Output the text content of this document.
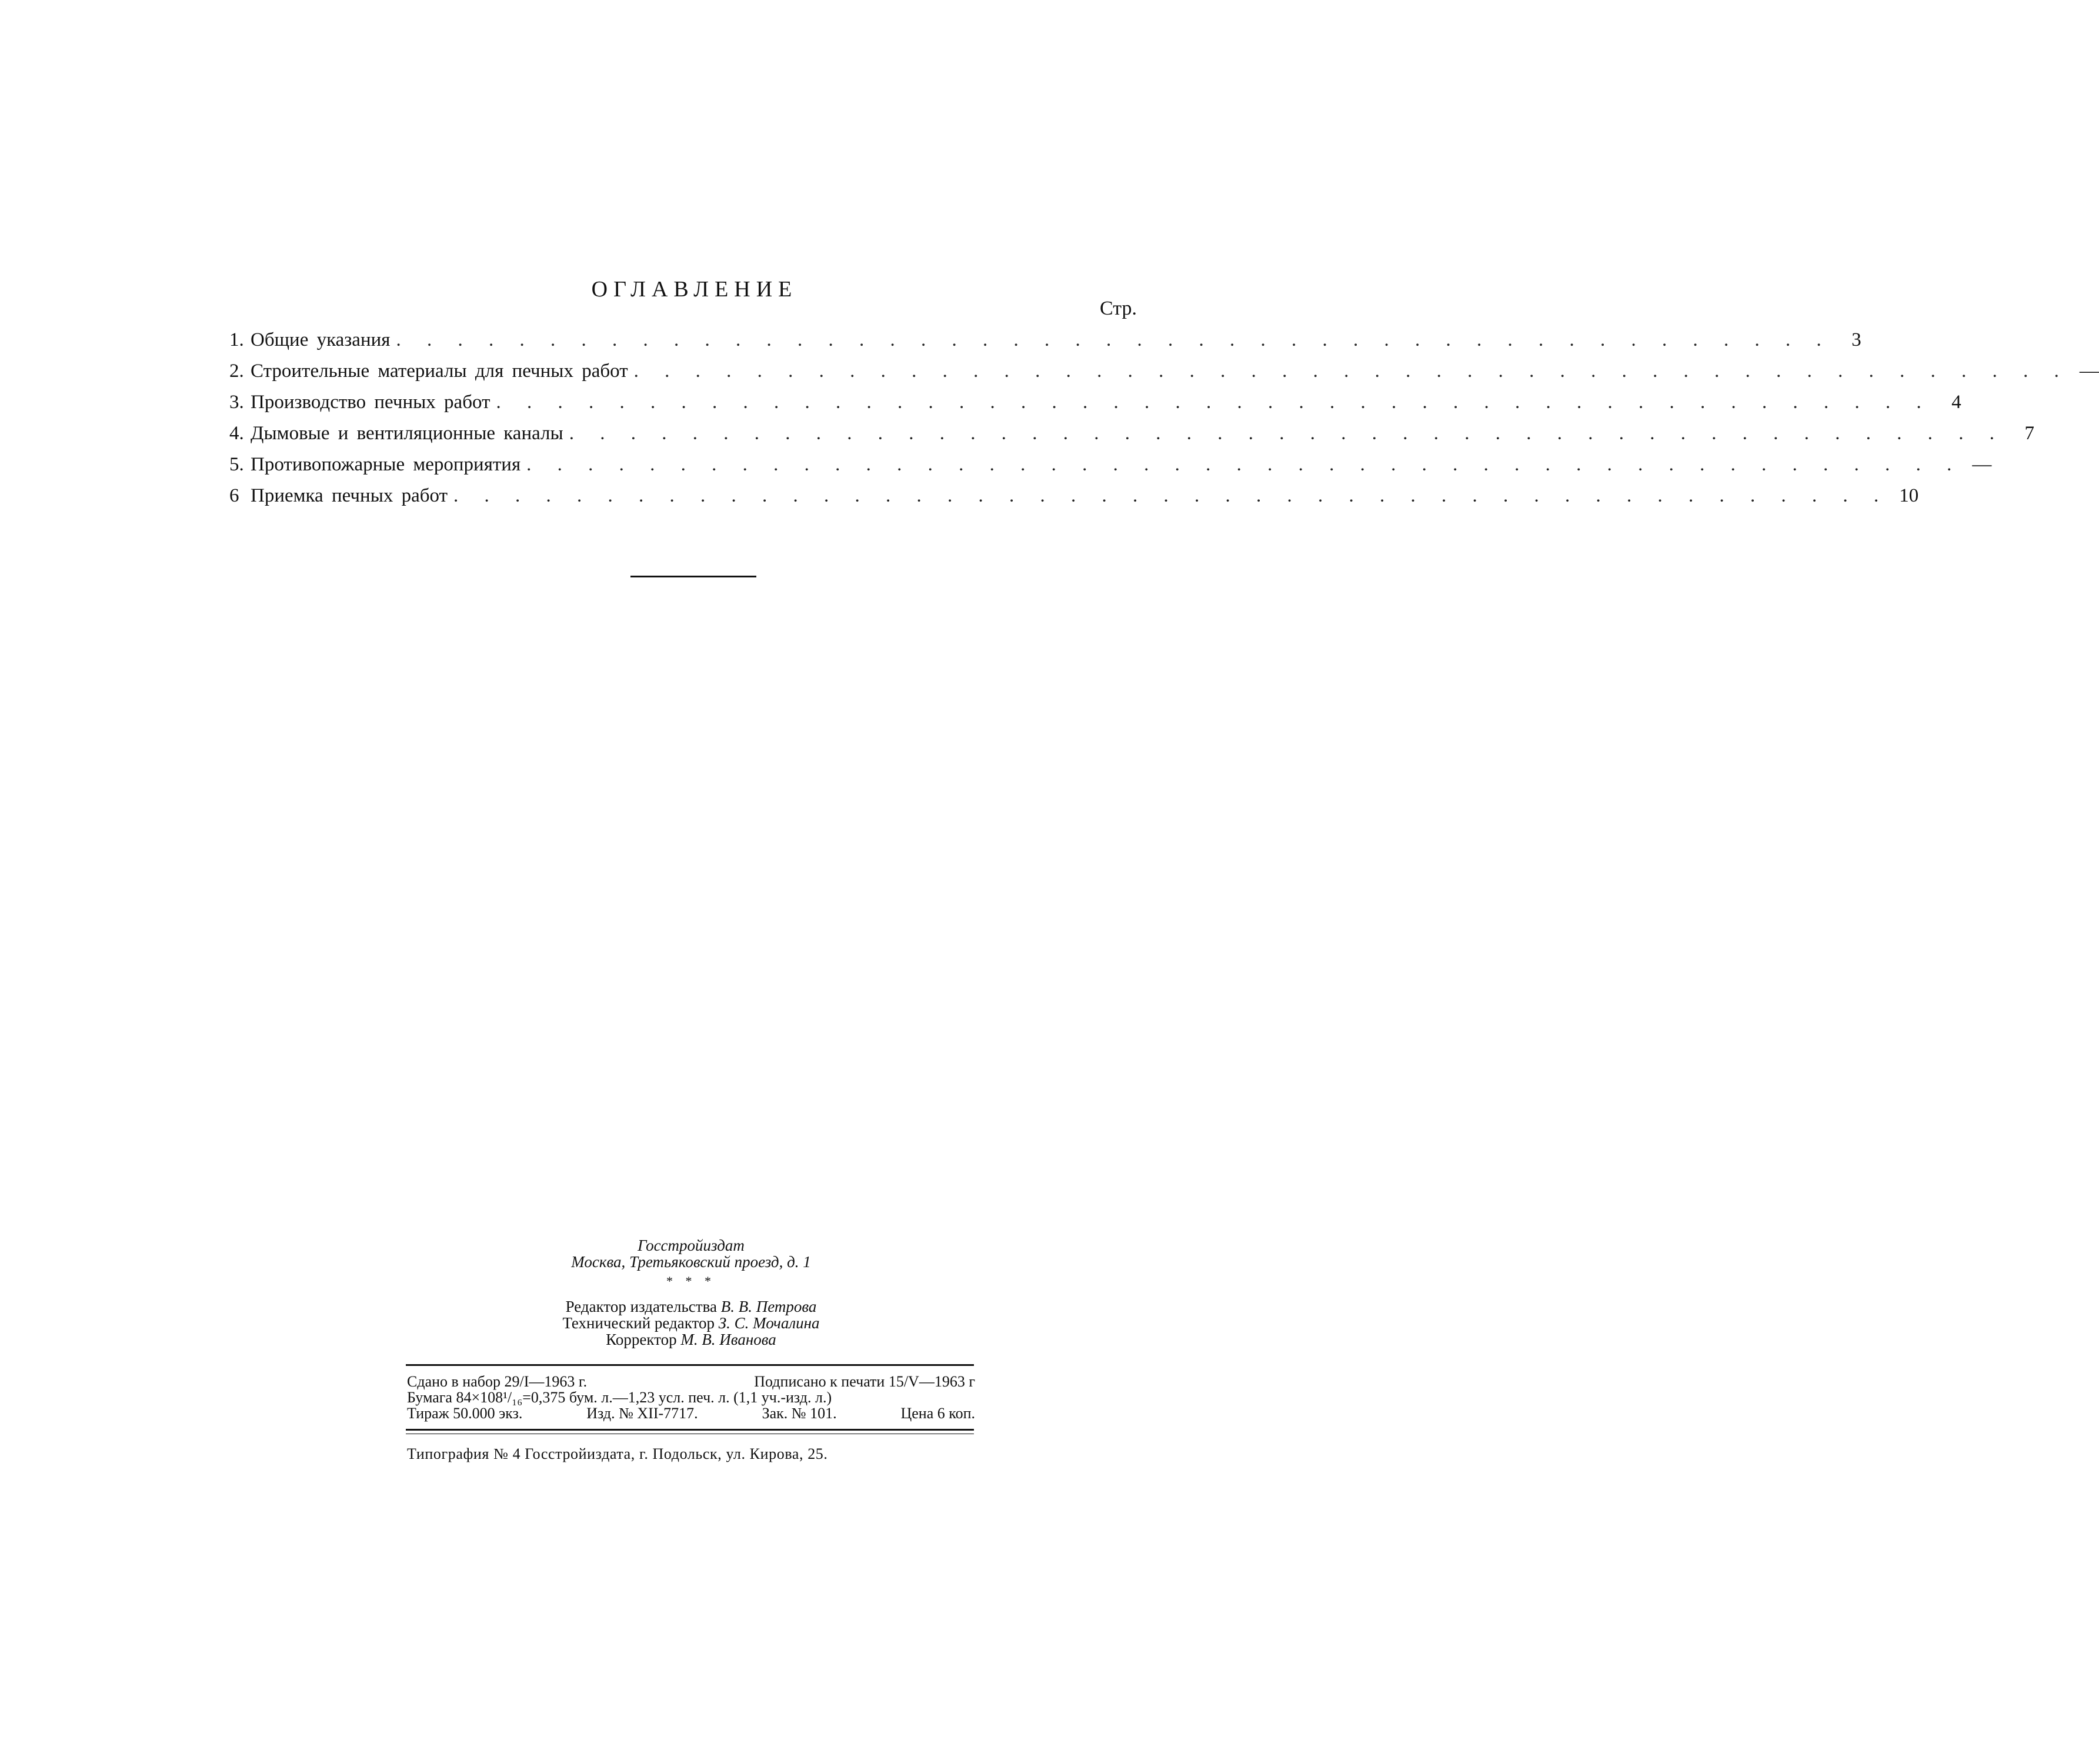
ОГЛАВЛЕНИЕ
Стр.
1. Общие указания . . . . . . . . . . . . . . . . . . . . . . . . . . . . . . . . . . . . . . . . . . . . . . .	3
2. Строительные материалы для печных работ . . . . . . . . . . . . . . . . . . . . . . . . . . . . . . . . . . . . . . . . . . . . . . . —
3. Производство печных работ . . . . . . . . . . . . . . . . . . . . . . . . . . . . . . . . . . . . . . . . . . . . . . .	4
4. Дымовые и вентиляционные каналы . . . . . . . . . . . . . . . . . . . . . . . . . . . . . . . . . . . . . . . . . . . . . . .	7
5. Противопожарные мероприятия . . . . . . . . . . . . . . . . . . . . . . . . . . . . . . . . . . . . . . . . . . . . . . . —
6 Приемка печных работ . . . . . . . . . . . . . . . . . . . . . . . . . . . . . . . . . . . . . . . . . . . . . . . 10
Госстройиздат
Москва, Третьяковский проезд, д. 1
* * *
Редактор издательства В. В. Петрова
Технический редактор З. С. Мочалина
Корректор М. В. Иванова
Сдано в набор 29/I—1963 г.	Подписано к печати 15/V—1963 г
Бумага 84×108¹/₁₆=0,375 бум. л.—1,23 усл. печ. л. (1,1 уч.-изд. л.)
Тираж 50.000 экз.	Изд. № XII-7717.	Зак. № 101.	Цена 6 коп.
Типография № 4 Госстройиздата, г. Подольск, ул. Кирова, 25.
